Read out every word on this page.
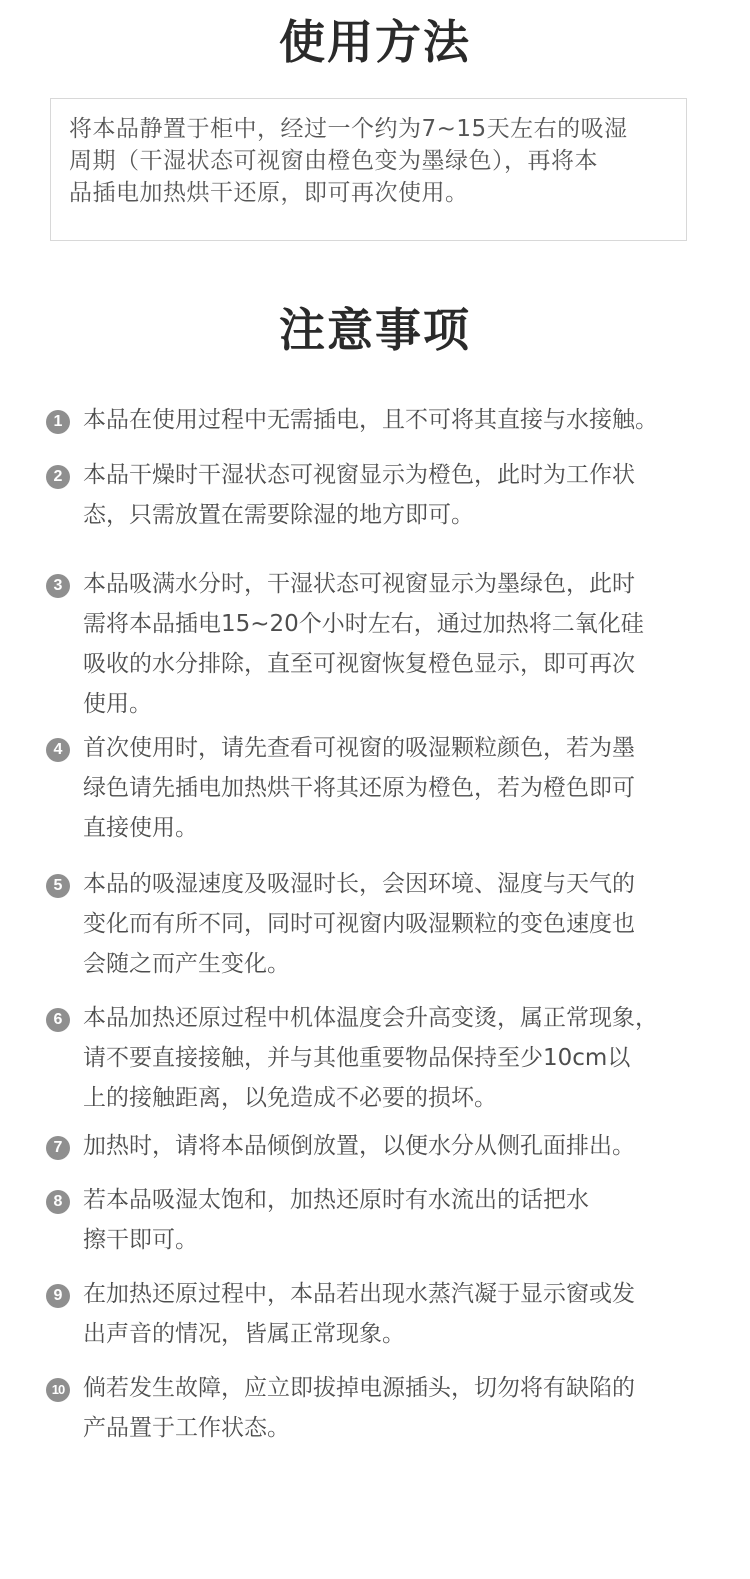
使用方法
将本品静置于柜中，经过一个约为7~15天左右的吸湿
周期（干湿状态可视窗由橙色变为墨绿色），再将本
品插电加热烘干还原，即可再次使用。
注意事项
1 本品在使用过程中无需插电，且不可将其直接与水接触。
2 本品干燥时干湿状态可视窗显示为橙色，此时为工作状
态，只需放置在需要除湿的地方即可。
3 本品吸满水分时，干湿状态可视窗显示为墨绿色，此时
需将本品插电15~20个小时左右，通过加热将二氧化硅
吸收的水分排除，直至可视窗恢复橙色显示，即可再次
使用。
4 首次使用时，请先查看可视窗的吸湿颗粒颜色，若为墨
绿色请先插电加热烘干将其还原为橙色，若为橙色即可
直接使用。
5 本品的吸湿速度及吸湿时长，会因环境、湿度与天气的
变化而有所不同，同时可视窗内吸湿颗粒的变色速度也
会随之而产生变化。
6 本品加热还原过程中机体温度会升高变烫，属正常现象，
请不要直接接触，并与其他重要物品保持至少10cm以
上的接触距离，以免造成不必要的损坏。
7 加热时，请将本品倾倒放置，以便水分从侧孔面排出。
8 若本品吸湿太饱和，加热还原时有水流出的话把水
擦干即可。
9 在加热还原过程中，本品若出现水蒸汽凝于显示窗或发
出声音的情况，皆属正常现象。
10 倘若发生故障，应立即拔掉电源插头，切勿将有缺陷的
产品置于工作状态。
